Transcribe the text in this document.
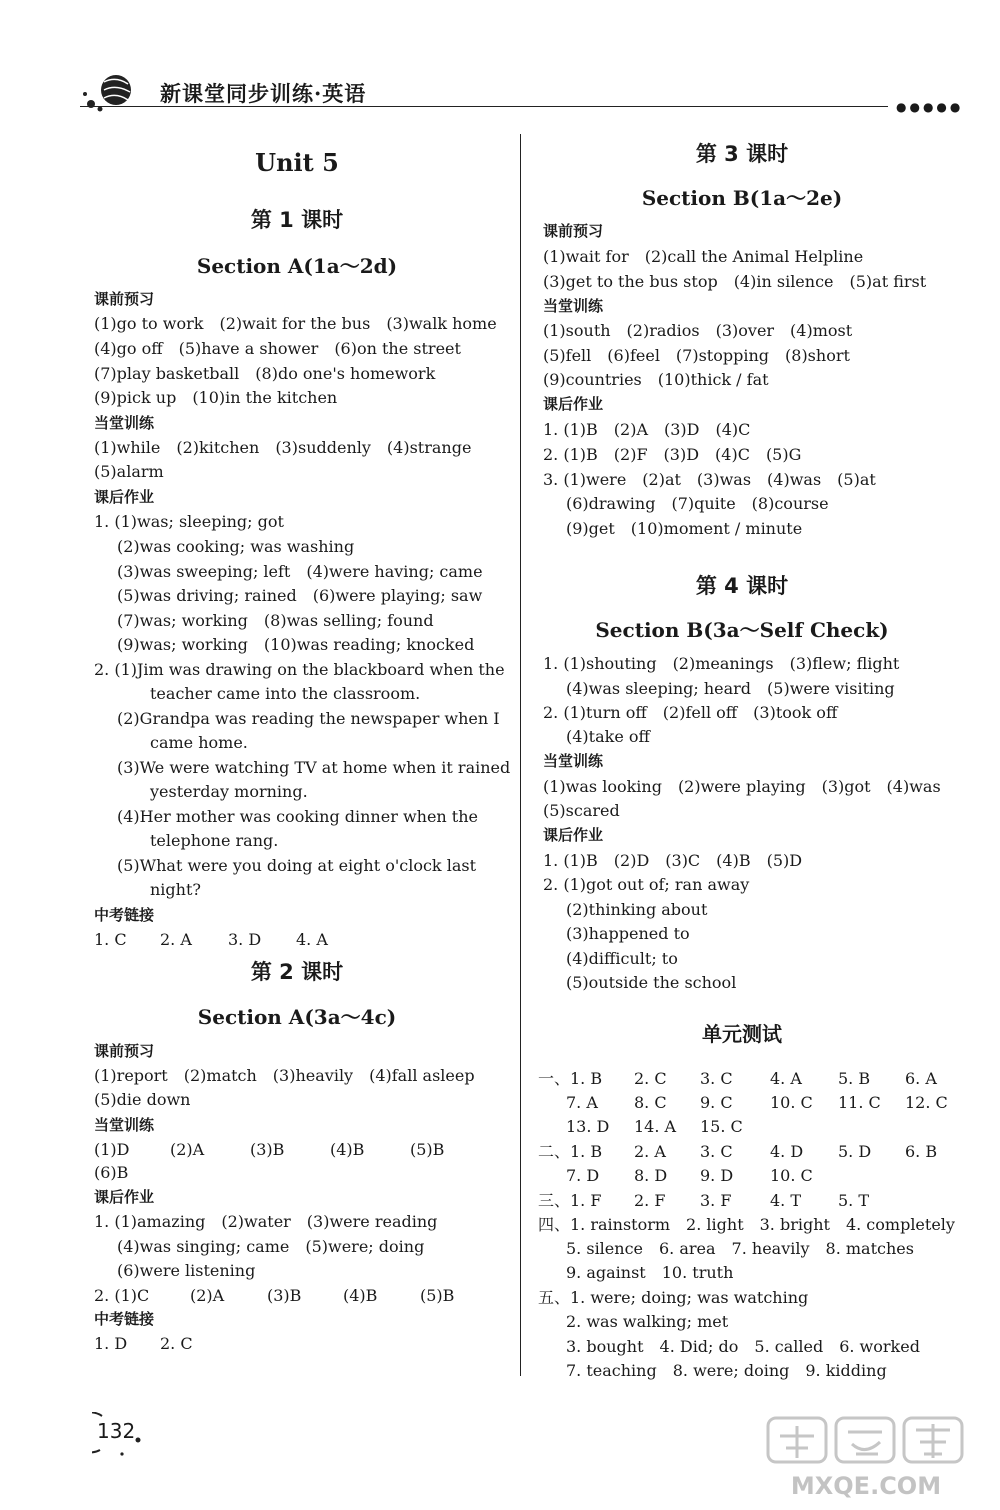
新课堂同步训练·英语
●●●●●
Unit 5
第 1 课时
Section A(1a～2d)
课前预习
(1)go to work　(2)wait for the bus　(3)walk home
(4)go off　(5)have a shower　(6)on the street
(7)play basketball　(8)do one's homework
(9)pick up　(10)in the kitchen
当堂训练
(1)while　(2)kitchen　(3)suddenly　(4)strange
(5)alarm
课后作业
1. (1)was; sleeping; got
(2)was cooking; was washing
(3)was sweeping; left　(4)were having; came
(5)was driving; rained　(6)were playing; saw
(7)was; working　(8)was selling; found
(9)was; working　(10)was reading; knocked
2. (1)Jim was drawing on the blackboard when the
teacher came into the classroom.
(2)Grandpa was reading the newspaper when I
came home.
(3)We were watching TV at home when it rained
yesterday morning.
(4)Her mother was cooking dinner when the
telephone rang.
(5)What were you doing at eight o'clock last
night?
中考链接
1. C 2. A 3. D 4. A
第 2 课时
Section A(3a～4c)
课前预习
(1)report　(2)match　(3)heavily　(4)fall asleep
(5)die down
当堂训练
(1)D	(2)A	(3)B	(4)B	(5)B
(6)B
课后作业
1. (1)amazing　(2)water　(3)were reading
(4)was singing; came　(5)were; doing
(6)were listening
2. (1)C	(2)A	(3)B	(4)B	(5)B
中考链接
1. D 2. C
第 3 课时
Section B(1a～2e)
课前预习
(1)wait for　(2)call the Animal Helpline
(3)get to the bus stop　(4)in silence　(5)at first
当堂训练
(1)south　(2)radios　(3)over　(4)most
(5)fell　(6)feel　(7)stopping　(8)short
(9)countries　(10)thick / fat
课后作业
1. (1)B　(2)A　(3)D　(4)C
2. (1)B　(2)F　(3)D　(4)C　(5)G
3. (1)were　(2)at　(3)was　(4)was　(5)at
(6)drawing　(7)quite　(8)course
(9)get　(10)moment / minute
第 4 课时
Section B(3a～Self Check)
1. (1)shouting　(2)meanings　(3)flew; flight
(4)was sleeping; heard　(5)were visiting
2. (1)turn off　(2)fell off　(3)took off
(4)take off
当堂训练
(1)was looking　(2)were playing　(3)got　(4)was
(5)scared
课后作业
1. (1)B　(2)D　(3)C　(4)B　(5)D
2. (1)got out of; ran away
(2)thinking about
(3)happened to
(4)difficult; to
(5)outside the school
单元测试
一、1. B 2. C 3. C 4. A 5. B 6. A
7. A 8. C 9. C 10. C 11. C 12. C
13. D 14. A 15. C
二、1. B 2. A 3. C 4. D 5. D 6. B
7. D 8. D 9. D 10. C
三、1. F 2. F 3. F 4. T 5. T
四、1. rainstorm　2. light　3. bright　4. completely
5. silence　6. area　7. heavily　8. matches
9. against　10. truth
五、1. were; doing; was watching
2. was walking; met
3. bought　4. Did; do　5. called　6. worked
7. teaching　8. were; doing　9. kidding
132
MXQE.COM
